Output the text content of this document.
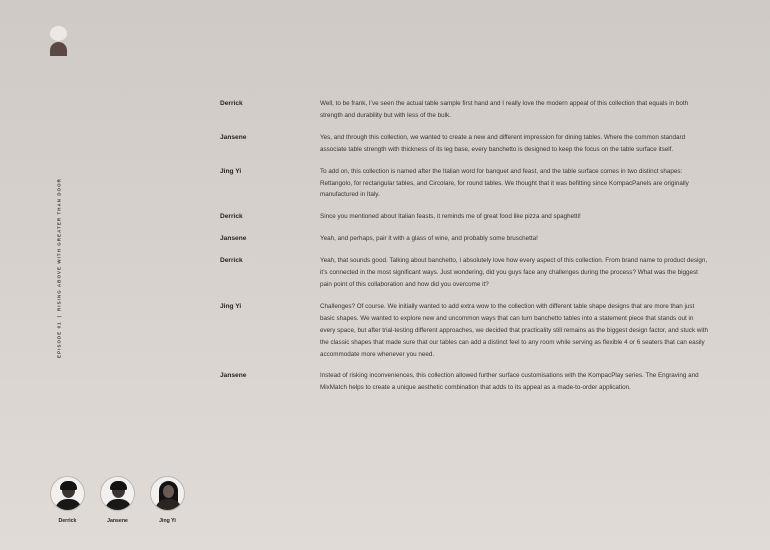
EPISODE 01|RISING ABOVE WITH GREATER THAN DOOR
Derrick	Well, to be frank, I’ve seen the actual table sample first hand and I really love the modern appeal of this collection that equals in both strength and durability but with less of the bulk.
Jansene	Yes, and through this collection, we wanted to create a new and different impression for dining tables. Where the common standard associate table strength with thickness of its leg base, every banchetto is designed to keep the focus on the table surface itself.
Jing Yi	To add on, this collection is named after the Italian word for banquet and feast, and the table surface comes in two distinct shapes: Rettangolo, for rectangular tables, and Circolare, for round tables. We thought that it was befitting since KompacPanels are originally manufactured in Italy.
Derrick	Since you mentioned about Italian feasts, it reminds me of great food like pizza and spaghetti!
Jansene	Yeah, and perhaps, pair it with a glass of wine, and probably some bruschetta!
Derrick	Yeah, that sounds good. Talking about banchetto, I absolutely love how every aspect of this collection. From brand name to product design, it’s connected in the most significant ways. Just wondering, did you guys face any challenges during the process? What was the biggest pain point of this collaboration and how did you overcome it?
Jing Yi	Challenges? Of course. We initially wanted to add extra wow to the collection with different table shape designs that are more than just basic shapes. We wanted to explore new and uncommon ways that can turn banchetto tables into a statement piece that stands out in every space, but after trial-testing different approaches, we decided that practicality still remains as the biggest design factor, and stuck with the classic shapes that made sure that our tables can add a distinct feel to any room while serving as flexible 4 or 6 seaters that can easily accommodate more whenever you need.
Jansene	Instead of risking inconveniences, this collection allowed further surface customisations with the KompacPlay series. The Engraving and MixMatch helps to create a unique aesthetic combination that adds to its appeal as a made-to-order application.
Derrick	Jansene	Jing Yi
